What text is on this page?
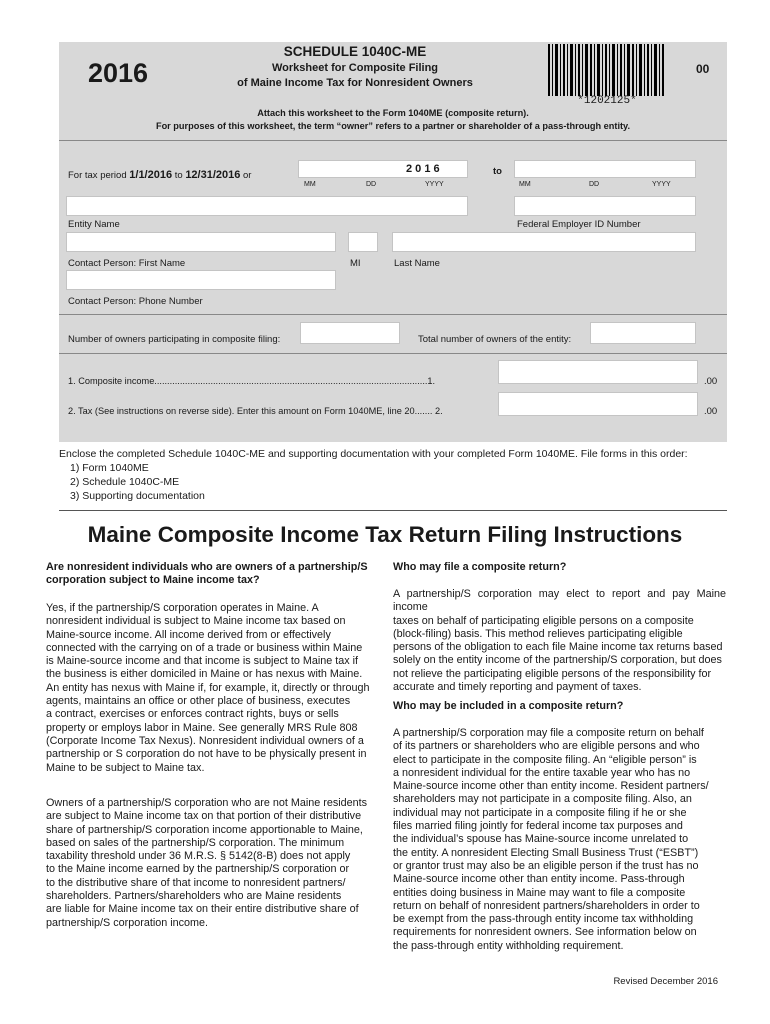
2016
SCHEDULE 1040C-ME
Worksheet for Composite Filing
of Maine Income Tax for Nonresident Owners
*1202125*
00
Attach this worksheet to the Form 1040ME (composite return).
For purposes of this worksheet, the term “owner” refers to a partner or shareholder of a pass-through entity.
For tax period 1/1/2016 to 12/31/2016 or
2 0 1 6
MM	DD	YYYY
to
MM	DD	YYYY
Entity Name	Federal Employer ID Number
Contact Person: First Name	MI	Last Name
Contact Person: Phone Number
Number of owners participating in composite filing:	Total number of owners of the entity:
1. Composite income...........................................................................................................1.	.00
2. Tax (See instructions on reverse side). Enter this amount on Form 1040ME, line 20....... 2.	.00
Enclose the completed Schedule 1040C-ME and supporting documentation with your completed Form 1040ME. File forms in this order:
1) Form 1040ME
2) Schedule 1040C-ME
3) Supporting documentation
Maine Composite Income Tax Return Filing Instructions
Are nonresident individuals who are owners of a partnership/S
corporation subject to Maine income tax?
Yes, if the partnership/S corporation operates in Maine. A
nonresident individual is subject to Maine income tax based on
Maine-source income. All income derived from or effectively
connected with the carrying on of a trade or business within Maine
is Maine-source income and that income is subject to Maine tax if
the business is either domiciled in Maine or has nexus with Maine.
An entity has nexus with Maine if, for example, it, directly or through
agents, maintains an office or other place of business, executes
a contract, exercises or enforces contract rights, buys or sells
property or employs labor in Maine. See generally MRS Rule 808
(Corporate Income Tax Nexus). Nonresident individual owners of a
partnership or S corporation do not have to be physically present in
Maine to be subject to Maine tax.
Owners of a partnership/S corporation who are not Maine residents
are subject to Maine income tax on that portion of their distributive
share of partnership/S corporation income apportionable to Maine,
based on sales of the partnership/S corporation. The minimum
taxability threshold under 36 M.R.S. § 5142(8-B) does not apply
to the Maine income earned by the partnership/S corporation or
to the distributive share of that income to nonresident partners/
shareholders. Partners/shareholders who are Maine residents
are liable for Maine income tax on their entire distributive share of
partnership/S corporation income.
Who may file a composite return?
A partnership/S corporation may elect to report and pay Maine income
taxes on behalf of participating eligible persons on a composite
(block-filing) basis. This method relieves participating eligible
persons of the obligation to each file Maine income tax returns based
solely on the entity income of the partnership/S corporation, but does
not relieve the participating eligible persons of the responsibility for
accurate and timely reporting and payment of taxes.
Who may be included in a composite return?
A partnership/S corporation may file a composite return on behalf
of its partners or shareholders who are eligible persons and who
elect to participate in the composite filing. An “eligible person” is
a nonresident individual for the entire taxable year who has no
Maine-source income other than entity income. Resident partners/
shareholders may not participate in a composite filing. Also, an
individual may not participate in a composite filing if he or she
files married filing jointly for federal income tax purposes and
the individual’s spouse has Maine-source income unrelated to
the entity. A nonresident Electing Small Business Trust (“ESBT”)
or grantor trust may also be an eligible person if the trust has no
Maine-source income other than entity income. Pass-through
entities doing business in Maine may want to file a composite
return on behalf of nonresident partners/shareholders in order to
be exempt from the pass-through entity income tax withholding
requirements for nonresident owners. See information below on
the pass-through entity withholding requirement.
Revised December 2016
